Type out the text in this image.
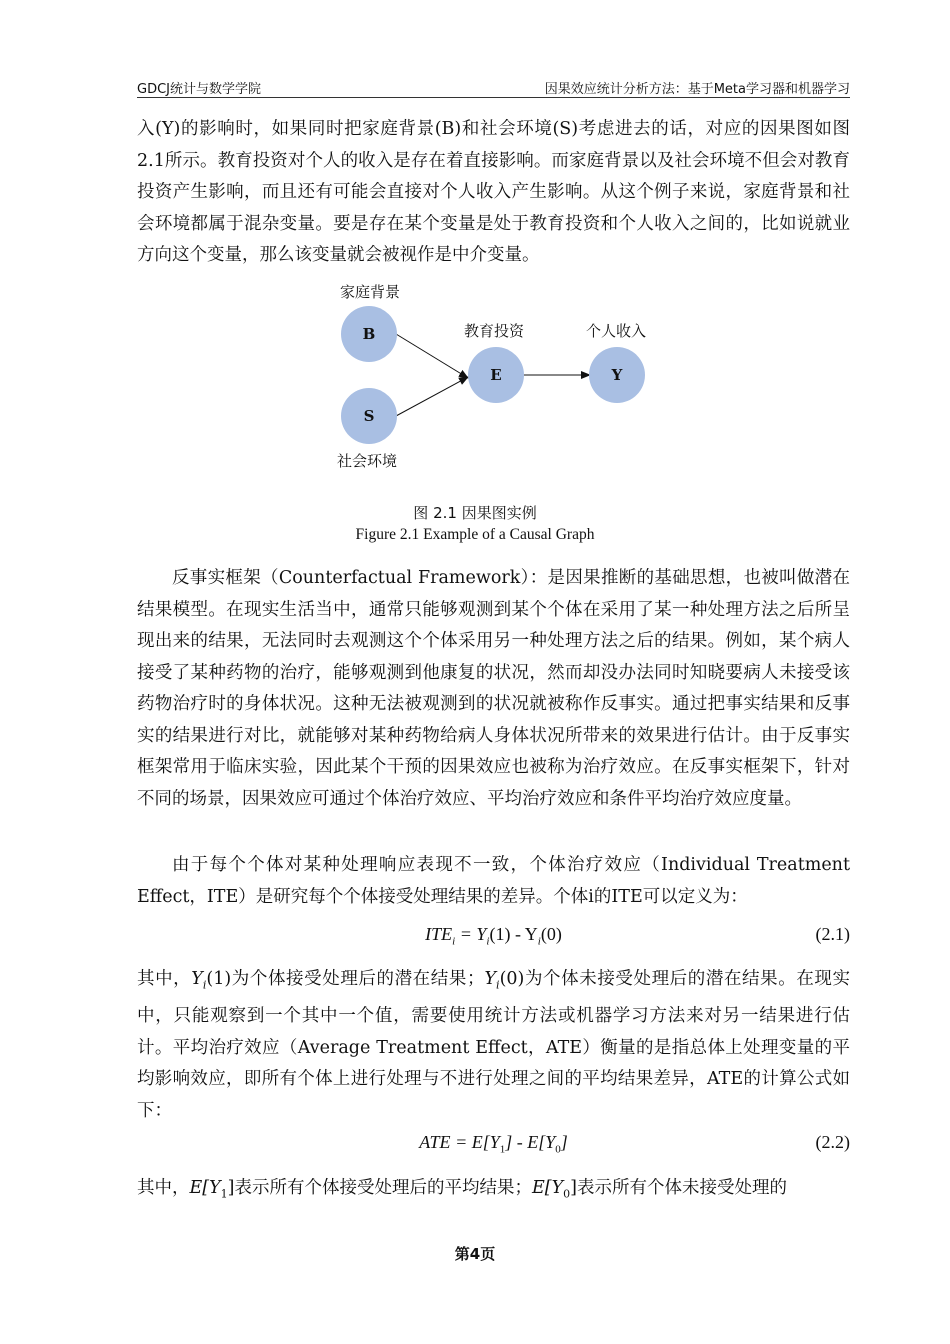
GDCJ统计与数学学院	因果效应统计分析方法：基于Meta学习器和机器学习

入(Y)的影响时，如果同时把家庭背景(B)和社会环境(S)考虑进去的话，对应的因果图如图2.1所示。教育投资对个人的收入是存在着直接影响。而家庭背景以及社会环境不但会对教育投资产生影响，而且还有可能会直接对个人收入产生影响。从这个例子来说，家庭背景和社会环境都属于混杂变量。要是存在某个变量是处于教育投资和个人收入之间的，比如说就业方向这个变量，那么该变量就会被视作是中介变量。

B
S
E	Y
家庭背景
社会环境
教育投资	个人收入
图 2.1 因果图实例
Figure 2.1 Example of a Causal Graph

反事实框架（Counterfactual Framework）：是因果推断的基础思想，也被叫做潜在结果模型。在现实生活当中，通常只能够观测到某个个体在采用了某一种处理方法之后所呈现出来的结果，无法同时去观测这个个体采用另一种处理方法之后的结果。例如，某个病人接受了某种药物的治疗，能够观测到他康复的状况，然而却没办法同时知晓要病人未接受该药物治疗时的身体状况。这种无法被观测到的状况就被称作反事实。通过把事实结果和反事实的结果进行对比，就能够对某种药物给病人身体状况所带来的效果进行估计。由于反事实框架常用于临床实验，因此某个干预的因果效应也被称为治疗效应。在反事实框架下，针对不同的场景，因果效应可通过个体治疗效应、平均治疗效应和条件平均治疗效应度量。

由于每个个体对某种处理响应表现不一致，个体治疗效应（Individual Treatment Effect，ITE）是研究每个个体接受处理结果的差异。个体i的ITE可以定义为：

$ITE_i = Y_i(1) - Y_i(0)$	(2.1)

其中，$Y_i(1)$为个体接受处理后的潜在结果；$Y_i(0)$为个体未接受处理后的潜在结果。在现实中，只能观察到一个其中一个值，需要使用统计方法或机器学习方法来对另一结果进行估计。平均治疗效应（Average Treatment Effect，ATE）衡量的是指总体上处理变量的平均影响效应，即所有个体上进行处理与不进行处理之间的平均结果差异，ATE的计算公式如下：

ATE = $E[Y_1] - E[Y_0]$	(2.2)

其中，$E[Y_1]$表示所有个体接受处理后的平均结果；$E[Y_0]$表示所有个体未接受处理的

第4页
